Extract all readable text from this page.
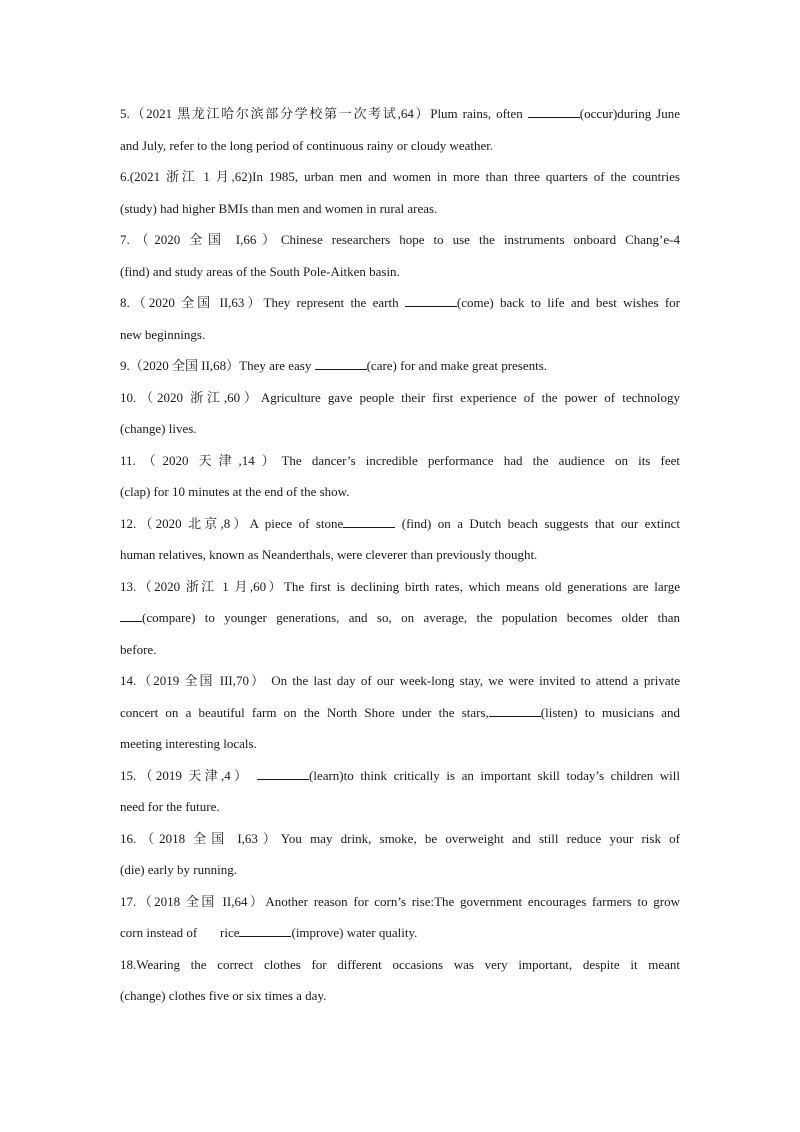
5.（2021 黑龙江哈尔滨部分学校第一次考试,64）Plum rains, often	(occur)during June
and July, refer to the long period of continuous rainy or cloudy weather.
6.(2021 浙江 1 月,62)In 1985, urban men and women in more than three quarters of the countries
(study) had higher BMIs than men and women in rural areas.
7.（2020 全国 I,66）Chinese researchers hope to use the instruments onboard Chang’e-4
(find) and study areas of the South Pole-Aitken basin.
8.（2020 全国 II,63）They represent the earth	(come) back to life and best wishes for
new beginnings.
9.（2020 全国 II,68）They are easy	(care) for and make great presents.
10.（2020 浙江,60）Agriculture gave people their first experience of the power of technology
(change) lives.
11.（2020 天津,14）The dancer’s incredible performance had the audience on its feet
(clap) for 10 minutes at the end of the show.
12.（2020 北京,8）A piece of stone	(find) on a Dutch beach suggests that our extinct
human relatives, known as Neanderthals, were cleverer than previously thought.
13.（2020 浙江 1 月,60）The first is declining birth rates, which means old generations are large
(compare) to younger generations, and so, on average, the population becomes older than
before.
14.（2019 全国 III,70） On the last day of our week-long stay, we were invited to attend a private
concert on a beautiful farm on the North Shore under the stars,	(listen) to musicians and
meeting interesting locals.
15.（2019 天津,4）	(learn)to think critically is an important skill today’s children will
need for the future.
16.（2018 全国 I,63）You may drink, smoke, be overweight and still reduce your risk of
(die) early by running.
17.（2018 全国 II,64）Another reason for corn’s rise:The government encourages farmers to grow
corn instead of       rice	(improve) water quality.
18.Wearing the correct clothes for different occasions was very important, despite it meant
(change) clothes five or six times a day.
